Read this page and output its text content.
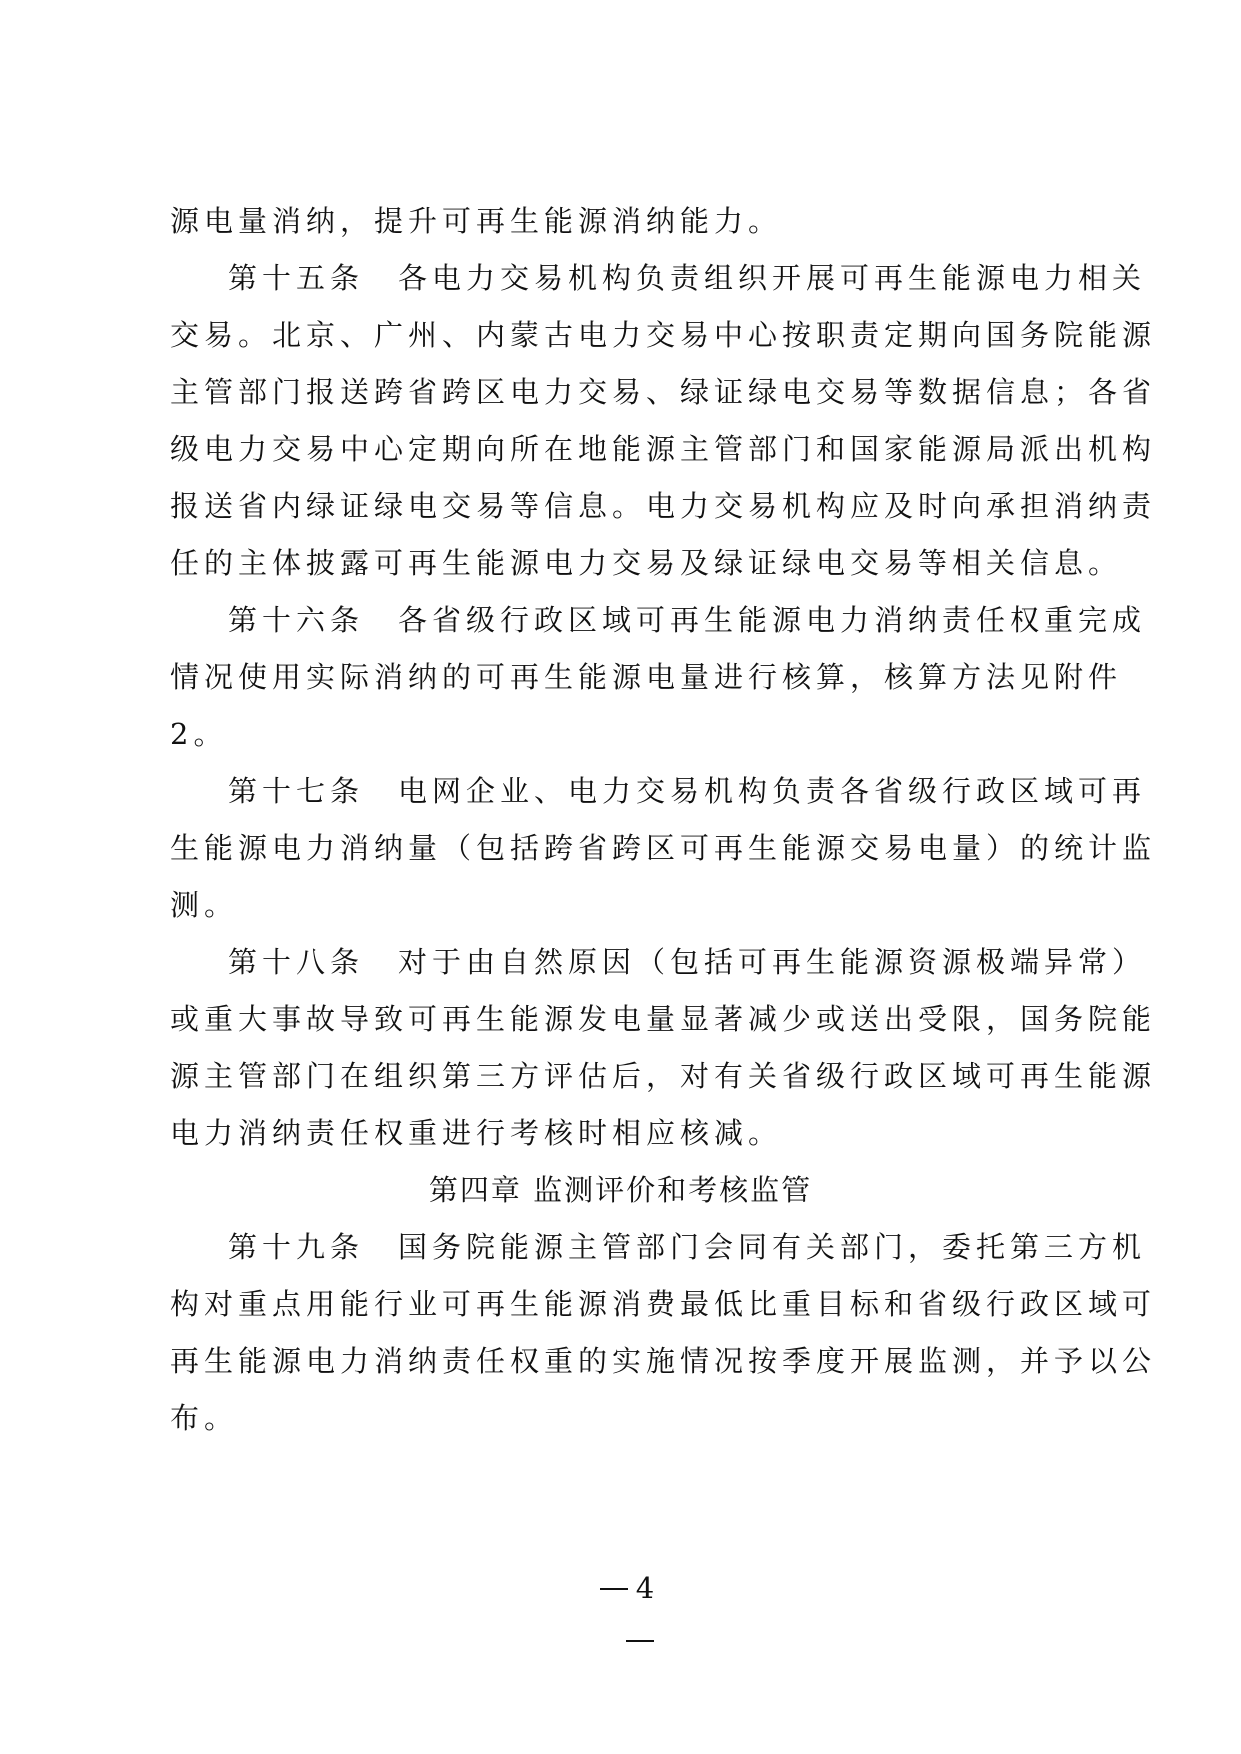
源电量消纳，提升可再生能源消纳能力。
第十五条　各电力交易机构负责组织开展可再生能源电力相关
交易。北京、广州、内蒙古电力交易中心按职责定期向国务院能源
主管部门报送跨省跨区电力交易、绿证绿电交易等数据信息；各省
级电力交易中心定期向所在地能源主管部门和国家能源局派出机构
报送省内绿证绿电交易等信息。电力交易机构应及时向承担消纳责
任的主体披露可再生能源电力交易及绿证绿电交易等相关信息。
第十六条　各省级行政区域可再生能源电力消纳责任权重完成
情况使用实际消纳的可再生能源电量进行核算，核算方法见附件
2。
第十七条　电网企业、电力交易机构负责各省级行政区域可再
生能源电力消纳量（包括跨省跨区可再生能源交易电量）的统计监
测。
第十八条　对于由自然原因（包括可再生能源资源极端异常）
或重大事故导致可再生能源发电量显著减少或送出受限，国务院能
源主管部门在组织第三方评估后，对有关省级行政区域可再生能源
电力消纳责任权重进行考核时相应核减。
第四章 监测评价和考核监管
第十九条　国务院能源主管部门会同有关部门，委托第三方机
构对重点用能行业可再生能源消费最低比重目标和省级行政区域可
再生能源电力消纳责任权重的实施情况按季度开展监测，并予以公
布。
4
